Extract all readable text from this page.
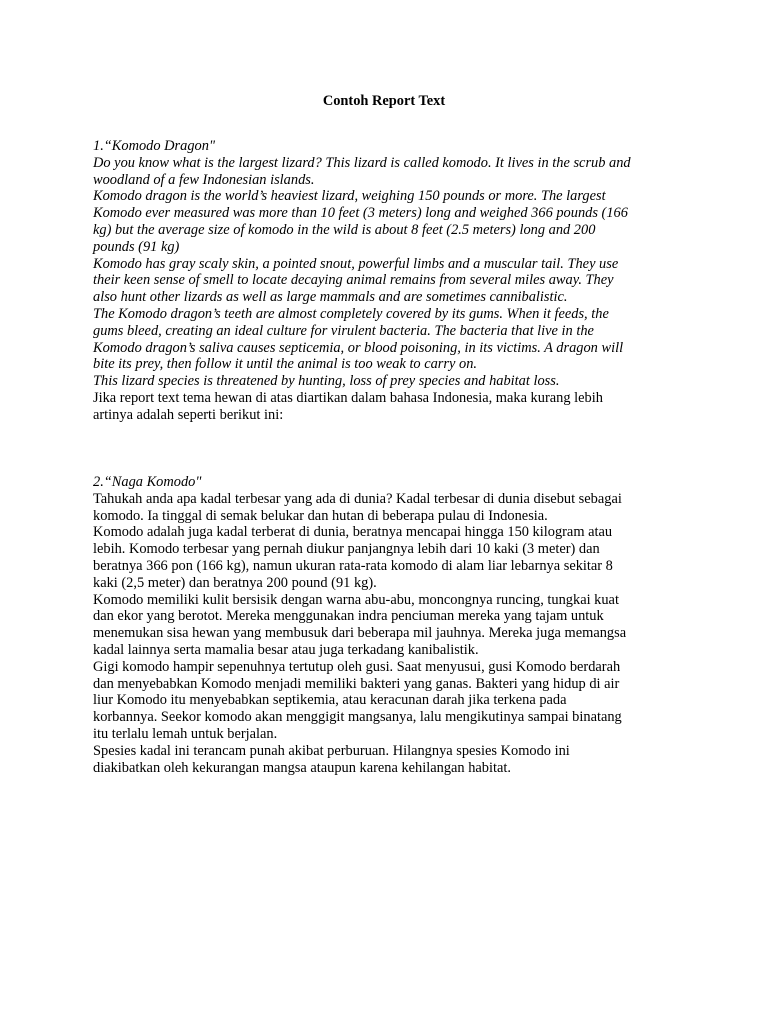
Contoh Report Text
1.“Komodo Dragon"
Do you know what is the largest lizard? This lizard is called komodo. It lives in the scrub and
woodland of a few Indonesian islands.
Komodo dragon is the world’s heaviest lizard, weighing 150 pounds or more. The largest
Komodo ever measured was more than 10 feet (3 meters) long and weighed 366 pounds (166
kg) but the average size of komodo in the wild is about 8 feet (2.5 meters) long and 200
pounds (91 kg)
Komodo has gray scaly skin, a pointed snout, powerful limbs and a muscular tail. They use
their keen sense of smell to locate decaying animal remains from several miles away. They
also hunt other lizards as well as large mammals and are sometimes cannibalistic.
The Komodo dragon’s teeth are almost completely covered by its gums. When it feeds, the
gums bleed, creating an ideal culture for virulent bacteria. The bacteria that live in the
Komodo dragon’s saliva causes septicemia, or blood poisoning, in its victims. A dragon will
bite its prey, then follow it until the animal is too weak to carry on.
This lizard species is threatened by hunting, loss of prey species and habitat loss.
Jika report text tema hewan di atas diartikan dalam bahasa Indonesia, maka kurang lebih
artinya adalah seperti berikut ini:
2.“Naga Komodo"
Tahukah anda apa kadal terbesar yang ada di dunia? Kadal terbesar di dunia disebut sebagai
komodo. Ia tinggal di semak belukar dan hutan di beberapa pulau di Indonesia.
Komodo adalah juga kadal terberat di dunia, beratnya mencapai hingga 150 kilogram atau
lebih. Komodo terbesar yang pernah diukur panjangnya lebih dari 10 kaki (3 meter) dan
beratnya 366 pon (166 kg), namun ukuran rata-rata komodo di alam liar lebarnya sekitar 8
kaki (2,5 meter) dan beratnya 200 pound (91 kg).
Komodo memiliki kulit bersisik dengan warna abu-abu, moncongnya runcing, tungkai kuat
dan ekor yang berotot. Mereka menggunakan indra penciuman mereka yang tajam untuk
menemukan sisa hewan yang membusuk dari beberapa mil jauhnya. Mereka juga memangsa
kadal lainnya serta mamalia besar atau juga terkadang kanibalistik.
Gigi komodo hampir sepenuhnya tertutup oleh gusi. Saat menyusui, gusi Komodo berdarah
dan menyebabkan Komodo menjadi memiliki bakteri yang ganas. Bakteri yang hidup di air
liur Komodo itu menyebabkan septikemia, atau keracunan darah jika terkena pada
korbannya. Seekor komodo akan menggigit mangsanya, lalu mengikutinya sampai binatang
itu terlalu lemah untuk berjalan.
Spesies kadal ini terancam punah akibat perburuan. Hilangnya spesies Komodo ini
diakibatkan oleh kekurangan mangsa ataupun karena kehilangan habitat.
